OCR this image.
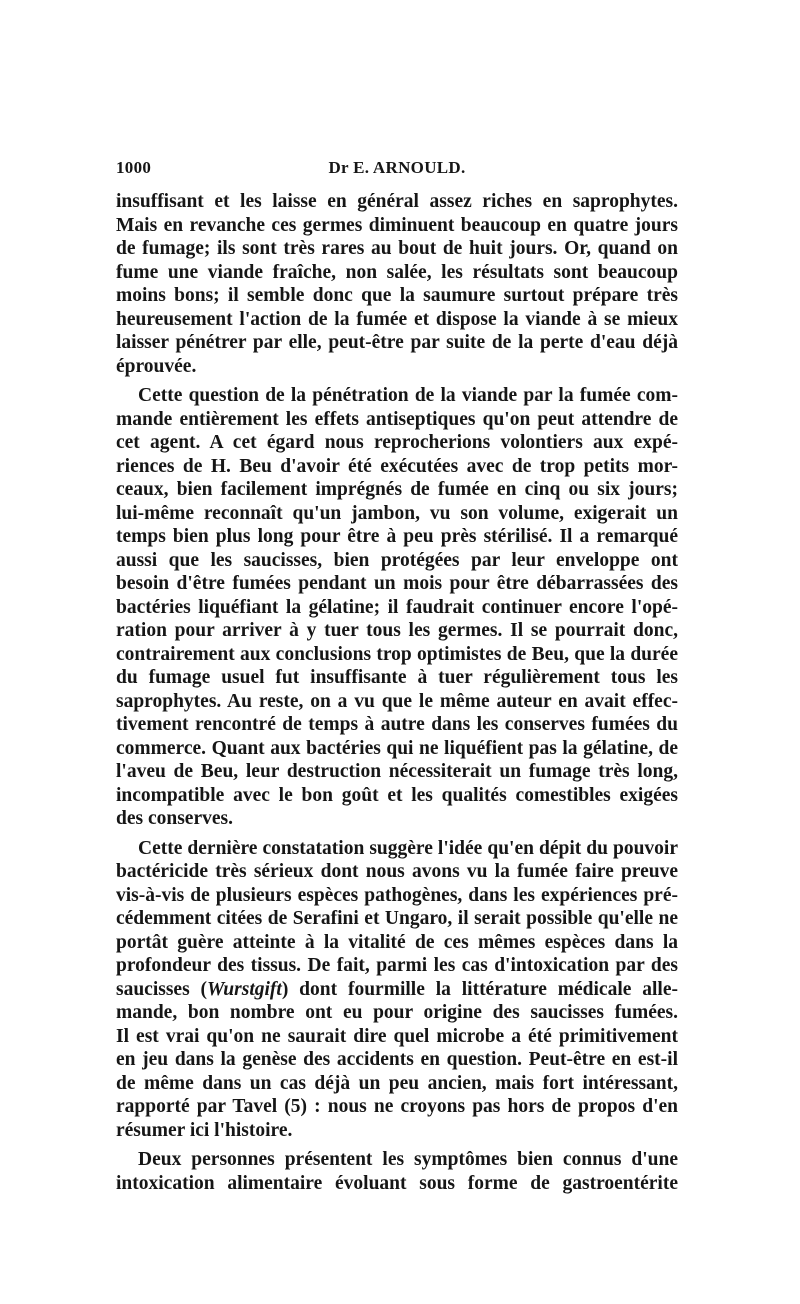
1000	Dr E. ARNOULD.
insuffisant et les laisse en général assez riches en saprophytes.
Mais en revanche ces germes diminuent beaucoup en quatre jours
de fumage; ils sont très rares au bout de huit jours. Or, quand on
fume une viande fraîche, non salée, les résultats sont beaucoup
moins bons; il semble donc que la saumure surtout prépare très
heureusement l'action de la fumée et dispose la viande à se mieux
laisser pénétrer par elle, peut-être par suite de la perte d'eau déjà
éprouvée.
Cette question de la pénétration de la viande par la fumée com-
mande entièrement les effets antiseptiques qu'on peut attendre de
cet agent. A cet égard nous reprocherions volontiers aux expé-
riences de H. Beu d'avoir été exécutées avec de trop petits mor-
ceaux, bien facilement imprégnés de fumée en cinq ou six jours;
lui-même reconnaît qu'un jambon, vu son volume, exigerait un
temps bien plus long pour être à peu près stérilisé. Il a remarqué
aussi que les saucisses, bien protégées par leur enveloppe ont
besoin d'être fumées pendant un mois pour être débarrassées des
bactéries liquéfiant la gélatine; il faudrait continuer encore l'opé-
ration pour arriver à y tuer tous les germes. Il se pourrait donc,
contrairement aux conclusions trop optimistes de Beu, que la durée
du fumage usuel fut insuffisante à tuer régulièrement tous les
saprophytes. Au reste, on a vu que le même auteur en avait effec-
tivement rencontré de temps à autre dans les conserves fumées du
commerce. Quant aux bactéries qui ne liquéfient pas la gélatine, de
l'aveu de Beu, leur destruction nécessiterait un fumage très long,
incompatible avec le bon goût et les qualités comestibles exigées
des conserves.
Cette dernière constatation suggère l'idée qu'en dépit du pouvoir
bactéricide très sérieux dont nous avons vu la fumée faire preuve
vis-à-vis de plusieurs espèces pathogènes, dans les expériences pré-
cédemment citées de Serafini et Ungaro, il serait possible qu'elle ne
portât guère atteinte à la vitalité de ces mêmes espèces dans la
profondeur des tissus. De fait, parmi les cas d'intoxication par des
saucisses (Wurstgift) dont fourmille la littérature médicale alle-
mande, bon nombre ont eu pour origine des saucisses fumées.
Il est vrai qu'on ne saurait dire quel microbe a été primitivement
en jeu dans la genèse des accidents en question. Peut-être en est-il
de même dans un cas déjà un peu ancien, mais fort intéressant,
rapporté par Tavel (5) : nous ne croyons pas hors de propos d'en
résumer ici l'histoire.
Deux personnes présentent les symptômes bien connus d'une
intoxication alimentaire évoluant sous forme de gastroentérite
